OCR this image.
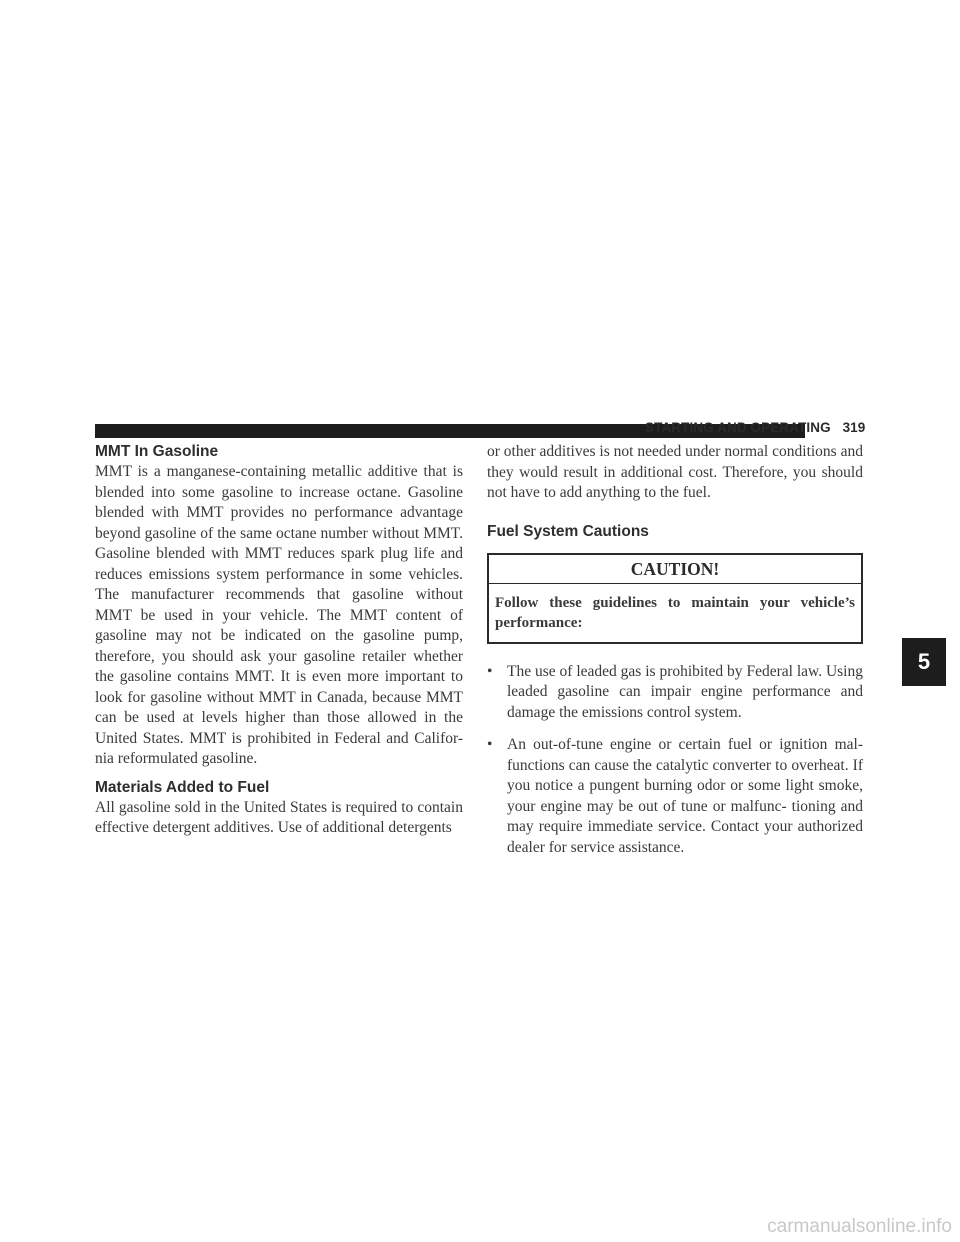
STARTING AND OPERATING 319
MMT In Gasoline

MMT is a manganese-containing metallic additive that is blended into some gasoline to increase octane. Gasoline blended with MMT provides no performance advantage beyond gasoline of the same octane number without MMT. Gasoline blended with MMT reduces spark plug life and reduces emissions system performance in some vehicles. The manufacturer recommends that gasoline without MMT be used in your vehicle. The MMT content of gasoline may not be indicated on the gasoline pump, therefore, you should ask your gasoline retailer whether the gasoline contains MMT. It is even more important to look for gasoline without MMT in Canada, because MMT can be used at levels higher than those allowed in the United States. MMT is prohibited in Federal and Califor- nia reformulated gasoline.

Materials Added to Fuel

All gasoline sold in the United States is required to contain effective detergent additives. Use of additional detergents

or other additives is not needed under normal conditions and they would result in additional cost. Therefore, you should not have to add anything to the fuel.

Fuel System Cautions
CAUTION!
Follow these guidelines to maintain your vehicle’s performance:
• The use of leaded gas is prohibited by Federal law. Using leaded gasoline can impair engine performance and damage the emissions control system.
• An out-of-tune engine or certain fuel or ignition mal- functions can cause the catalytic converter to overheat. If you notice a pungent burning odor or some light smoke, your engine may be out of tune or malfunc- tioning and may require immediate service. Contact your authorized dealer for service assistance.
5
carmanualsonline.info
